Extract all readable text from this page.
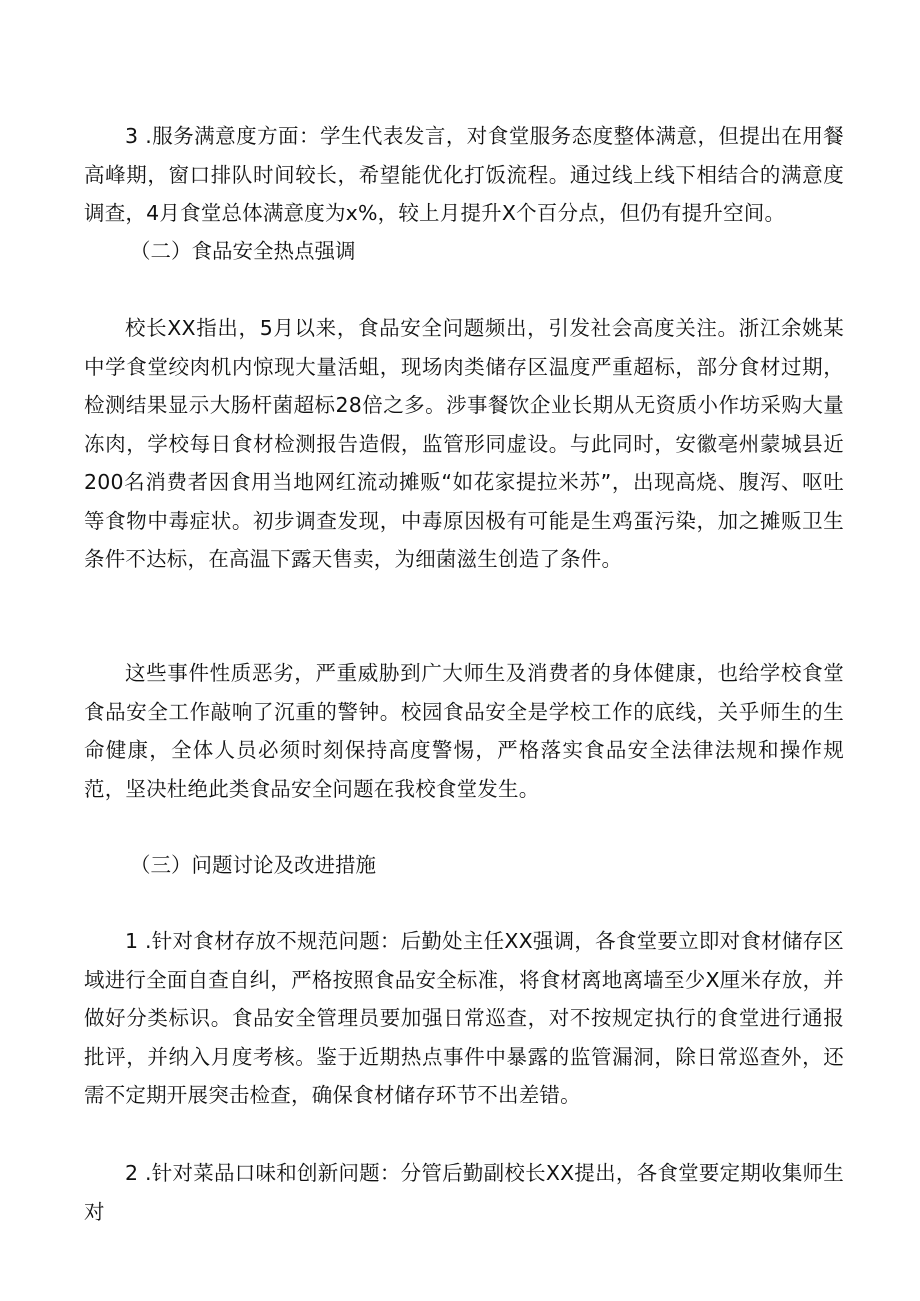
3 .服务满意度方面：学生代表发言，对食堂服务态度整体满意，但提出在用餐高峰期，窗口排队时间较长，希望能优化打饭流程。通过线上线下相结合的满意度调查，4月食堂总体满意度为x%，较上月提升X个百分点，但仍有提升空间。

（二）食品安全热点强调

校长XX指出，5月以来，食品安全问题频出，引发社会高度关注。浙江余姚某中学食堂绞肉机内惊现大量活蛆，现场肉类储存区温度严重超标，部分食材过期，检测结果显示大肠杆菌超标28倍之多。涉事餐饮企业长期从无资质小作坊采购大量冻肉，学校每日食材检测报告造假，监管形同虚设。与此同时，安徽亳州蒙城县近200名消费者因食用当地网红流动摊贩“如花家提拉米苏”，出现高烧、腹泻、呕吐等食物中毒症状。初步调查发现，中毒原因极有可能是生鸡蛋污染，加之摊贩卫生条件不达标，在高温下露天售卖，为细菌滋生创造了条件。

这些事件性质恶劣，严重威胁到广大师生及消费者的身体健康，也给学校食堂食品安全工作敲响了沉重的警钟。校园食品安全是学校工作的底线，关乎师生的生命健康，全体人员必须时刻保持高度警惕，严格落实食品安全法律法规和操作规范，坚决杜绝此类食品安全问题在我校食堂发生。

（三）问题讨论及改进措施

1 .针对食材存放不规范问题：后勤处主任XX强调，各食堂要立即对食材储存区域进行全面自查自纠，严格按照食品安全标准，将食材离地离墙至少X厘米存放，并做好分类标识。食品安全管理员要加强日常巡查，对不按规定执行的食堂进行通报批评，并纳入月度考核。鉴于近期热点事件中暴露的监管漏洞，除日常巡查外，还需不定期开展突击检查，确保食材储存环节不出差错。

2 .针对菜品口味和创新问题：分管后勤副校长XX提出，各食堂要定期收集师生对
